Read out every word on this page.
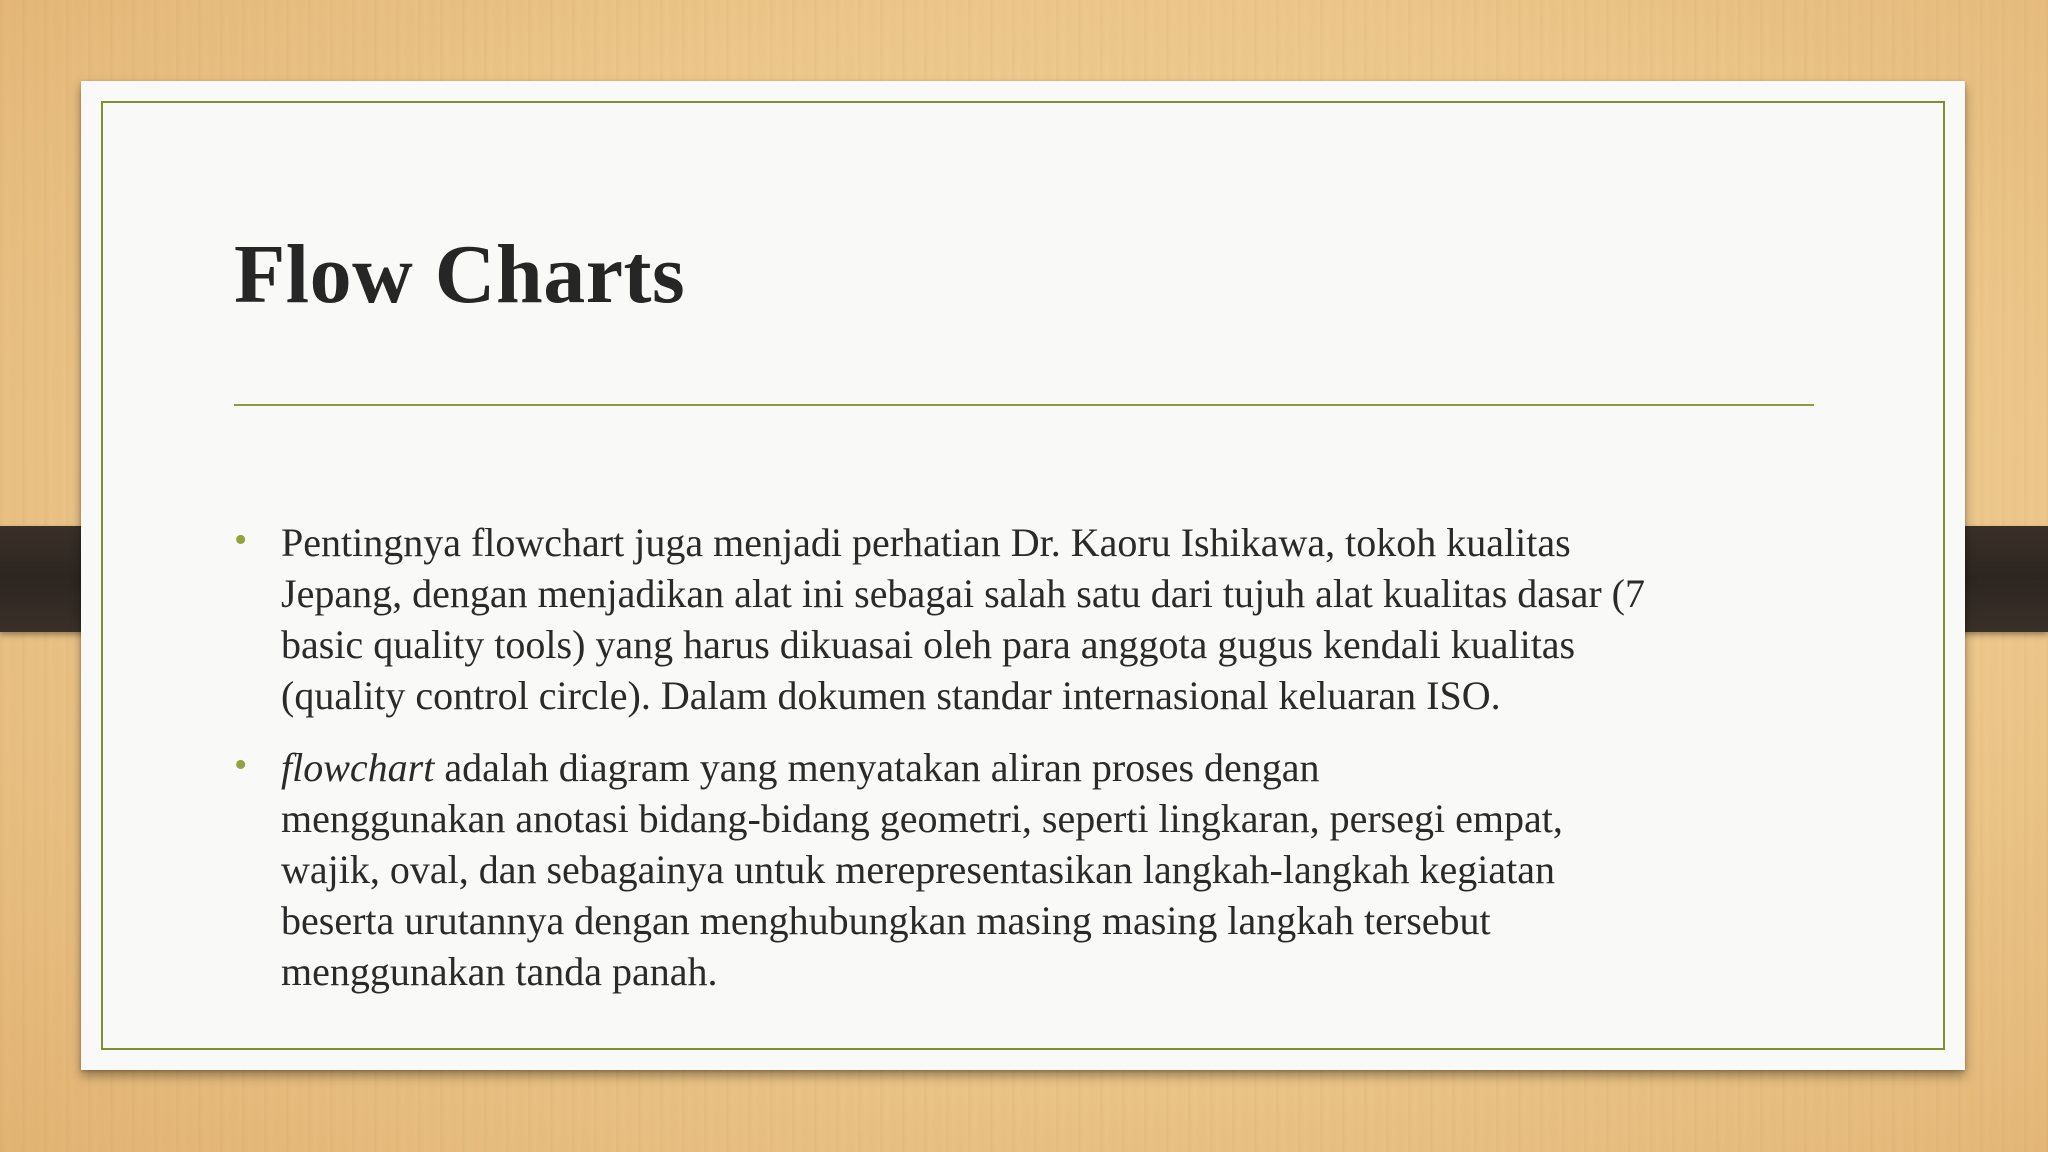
Flow Charts
• Pentingnya flowchart juga menjadi perhatian Dr. Kaoru Ishikawa, tokoh kualitas
Jepang, dengan menjadikan alat ini sebagai salah satu dari tujuh alat kualitas dasar (7
basic quality tools) yang harus dikuasai oleh para anggota gugus kendali kualitas
(quality control circle). Dalam dokumen standar internasional keluaran ISO.
• flowchart adalah diagram yang menyatakan aliran proses dengan
menggunakan anotasi bidang-bidang geometri, seperti lingkaran, persegi empat,
wajik, oval, dan sebagainya untuk merepresentasikan langkah-langkah kegiatan
beserta urutannya dengan menghubungkan masing masing langkah tersebut
menggunakan tanda panah.
